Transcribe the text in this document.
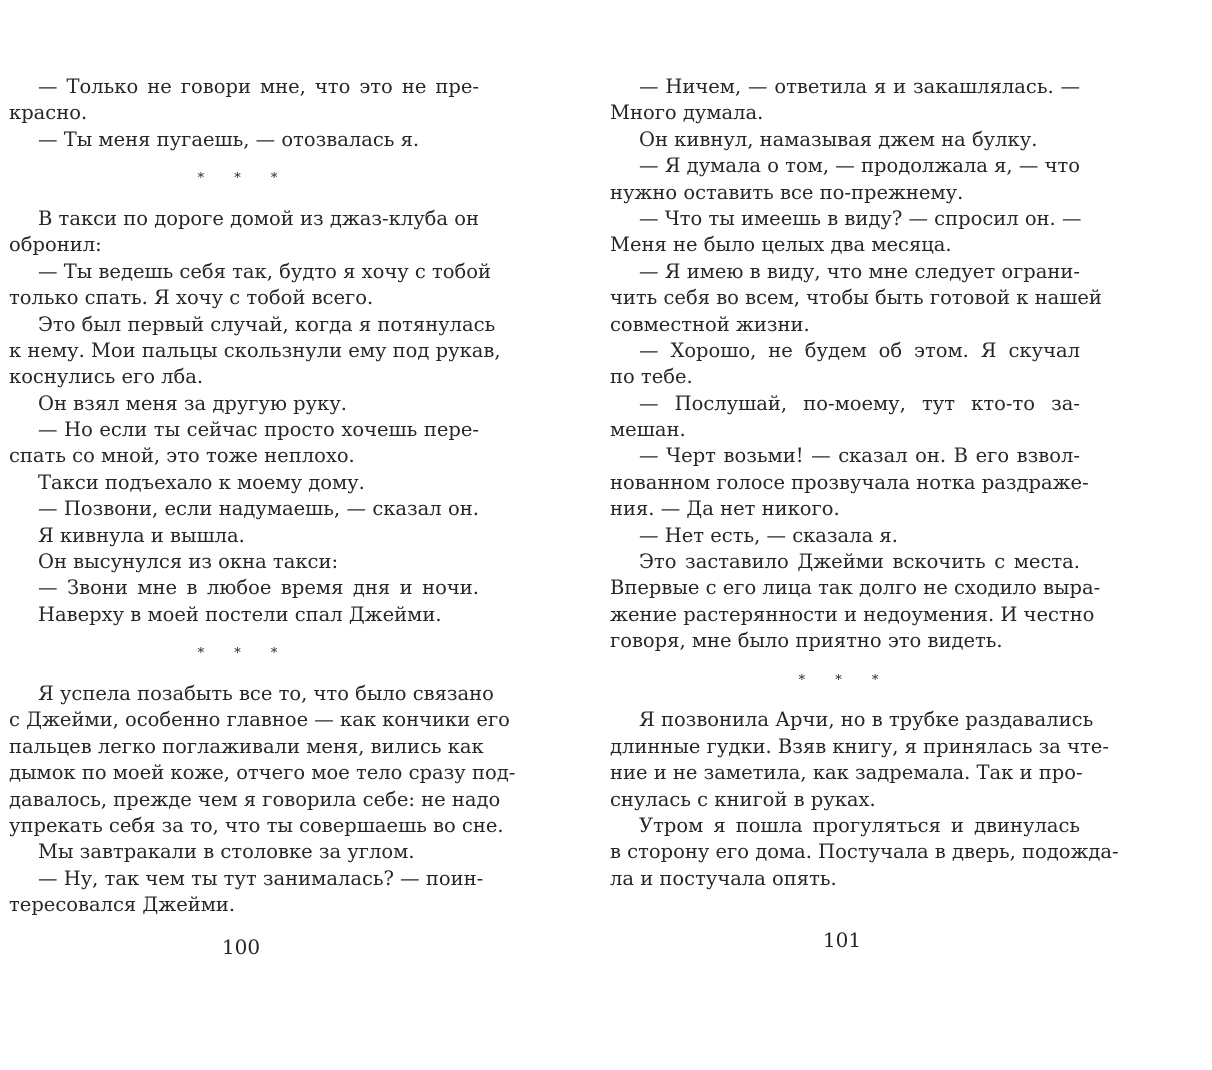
— Только не говори мне, что это не пре-
красно.
— Ты меня пугаешь, — отозвалась я.
* * *
В такси по дороге домой из джаз-клуба он
обронил:
— Ты ведешь себя так, будто я хочу с тобой
только спать. Я хочу с тобой всего.
Это был первый случай, когда я потянулась
к нему. Мои пальцы скользнули ему под рукав,
коснулись его лба.
Он взял меня за другую руку.
— Но если ты сейчас просто хочешь пере-
спать со мной, это тоже неплохо.
Такси подъехало к моему дому.
— Позвони, если надумаешь, — сказал он.
Я кивнула и вышла.
Он высунулся из окна такси:
— Звони мне в любое время дня и ночи.
Наверху в моей постели спал Джейми.
* * *
Я успела позабыть все то, что было связано
с Джейми, особенно главное — как кончики его
пальцев легко поглаживали меня, вились как
дымок по моей коже, отчего мое тело сразу под-
давалось, прежде чем я говорила себе: не надо
упрекать себя за то, что ты совершаешь во сне.
Мы завтракали в столовке за углом.
— Ну, так чем ты тут занималась? — поин-
тересовался Джейми.
100
— Ничем, — ответила я и закашлялась. —
Много думала.
Он кивнул, намазывая джем на булку.
— Я думала о том, — продолжала я, — что
нужно оставить все по-прежнему.
— Что ты имеешь в виду? — спросил он. —
Меня не было целых два месяца.
— Я имею в виду, что мне следует ограни-
чить себя во всем, чтобы быть готовой к нашей
совместной жизни.
— Хорошо, не будем об этом. Я скучал
по тебе.
— Послушай, по-моему, тут кто-то за-
мешан.
— Черт возьми! — сказал он. В его взвол-
нованном голосе прозвучала нотка раздраже-
ния. — Да нет никого.
— Нет есть, — сказала я.
Это заставило Джейми вскочить с места.
Впервые с его лица так долго не сходило выра-
жение растерянности и недоумения. И честно
говоря, мне было приятно это видеть.
* * *
Я позвонила Арчи, но в трубке раздавались
длинные гудки. Взяв книгу, я принялась за чте-
ние и не заметила, как задремала. Так и про-
снулась с книгой в руках.
Утром я пошла прогуляться и двинулась
в сторону его дома. Постучала в дверь, подожда-
ла и постучала опять.
101
